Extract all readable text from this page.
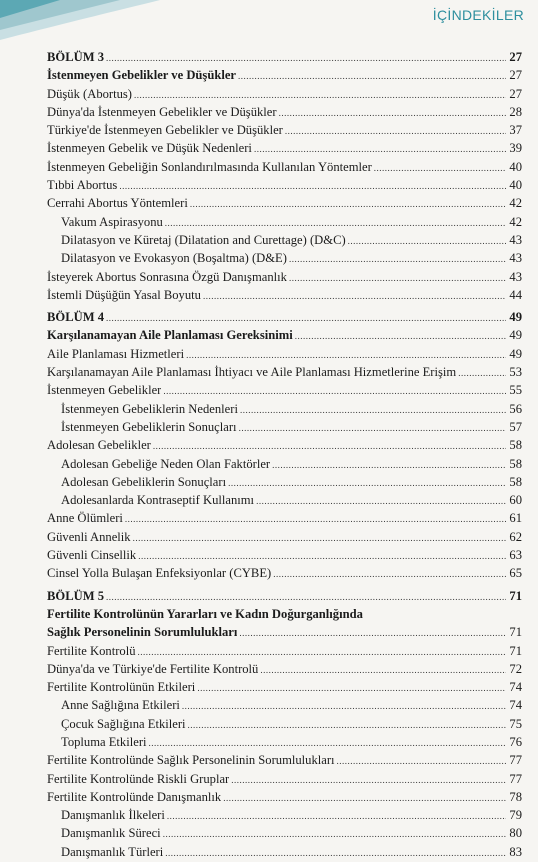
İÇİNDEKİLER
BÖLÜM 3 .....	27
İstenmeyen Gebelikler ve Düşükler .....	27
Düşük (Abortus) .....	27
Dünya'da İstenmeyen Gebelikler ve Düşükler .....	28
Türkiye'de İstenmeyen Gebelikler ve Düşükler .....	37
İstenmeyen Gebelik ve Düşük Nedenleri .....	39
İstenmeyen Gebeliğin Sonlandırılmasında Kullanılan Yöntemler .....	40
Tıbbi Abortus .....	40
Cerrahi Abortus Yöntemleri .....	42
Vakum Aspirasyonu .....	42
Dilatasyon ve Küretaj (Dilatation and Curettage) (D&C) .....	43
Dilatasyon ve Evokasyon (Boşaltma) (D&E) .....	43
İsteyerek Abortus Sonrasına Özgü Danışmanlık .....	43
İstemli Düşüğün Yasal Boyutu .....	44
BÖLÜM 4 .....	49
Karşılanamayan Aile Planlaması Gereksinimi .....	49
Aile Planlaması Hizmetleri .....	49
Karşılanamayan Aile Planlaması İhtiyacı ve Aile Planlaması Hizmetlerine Erişim .....	53
İstenmeyen Gebelikler .....	55
İstenmeyen Gebeliklerin Nedenleri .....	56
İstenmeyen Gebeliklerin Sonuçları .....	57
Adolesan Gebelikler .....	58
Adolesan Gebeliğe Neden Olan Faktörler .....	58
Adolesan Gebeliklerin Sonuçları .....	58
Adolesanlarda Kontraseptif Kullanımı .....	60
Anne Ölümleri .....	61
Güvenli Annelik .....	62
Güvenli Cinsellik .....	63
Cinsel Yolla Bulaşan Enfeksiyonlar (CYBE) .....	65
BÖLÜM 5 .....	71
Fertilite Kontrolünün Yararları ve Kadın Doğurganlığında
Sağlık Personelinin Sorumlulukları .....	71
Fertilite Kontrolü .....	71
Dünya'da ve Türkiye'de Fertilite Kontrolü .....	72
Fertilite Kontrolünün Etkileri .....	74
Anne Sağlığına Etkileri .....	74
Çocuk Sağlığına Etkileri .....	75
Topluma Etkileri .....	76
Fertilite Kontrolünde Sağlık Personelinin Sorumlulukları .....	77
Fertilite Kontrolünde Riskli Gruplar .....	77
Fertilite Kontrolünde Danışmanlık .....	78
Danışmanlık İlkeleri .....	79
Danışmanlık Süreci .....	80
Danışmanlık Türleri .....	83
